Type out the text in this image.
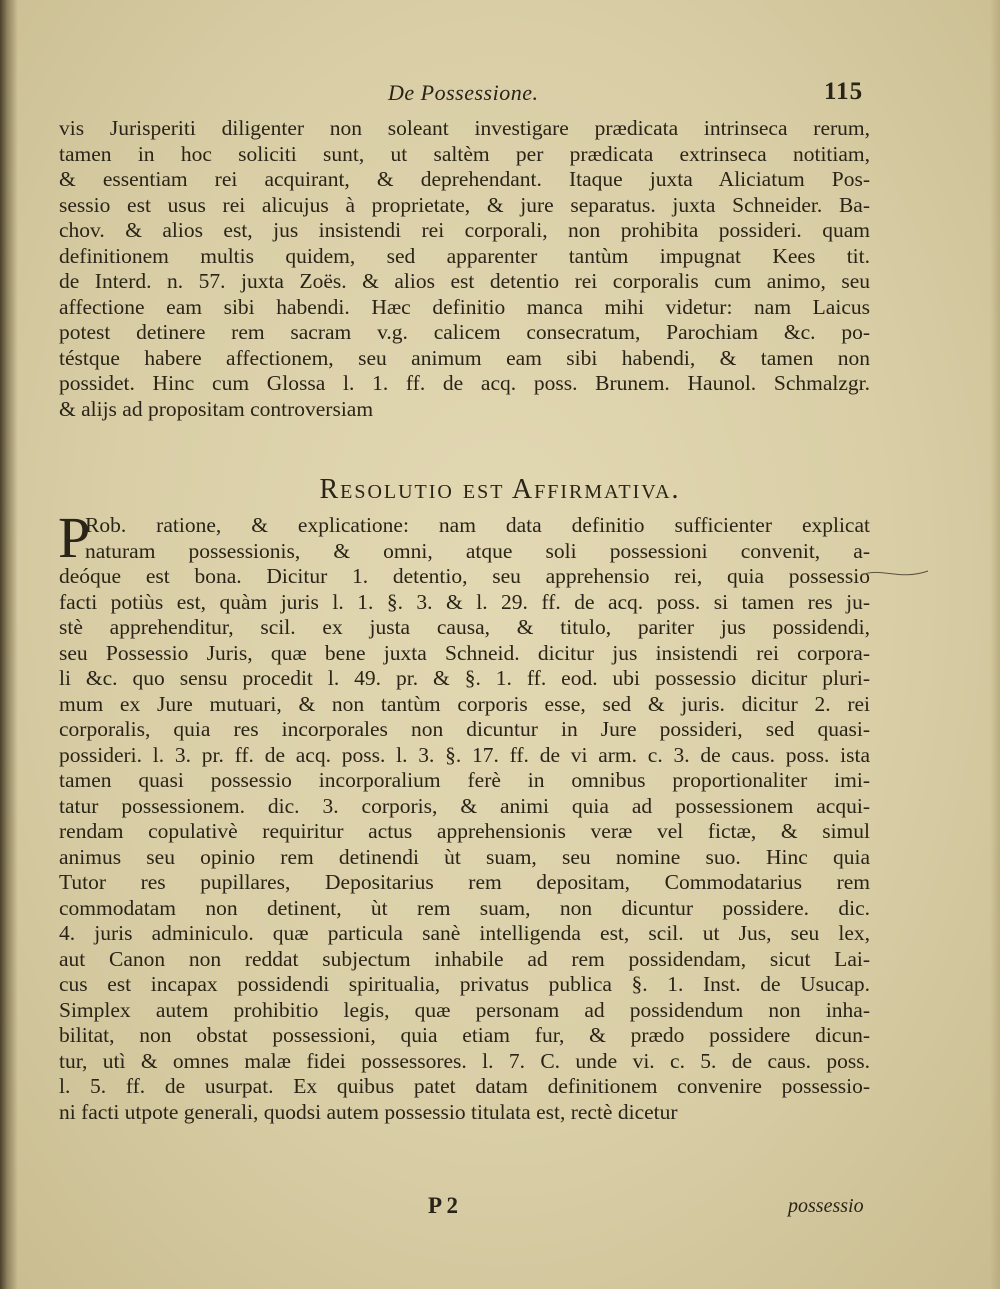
De Possessione.	115
vis Jurisperiti diligenter non soleant investigare prædicata intrinseca rerum,
tamen in hoc soliciti sunt, ut saltèm per prædicata extrinseca notitiam,
& essentiam rei acquirant, & deprehendant. Itaque juxta Aliciatum Pos-
sessio est usus rei alicujus à proprietate, & jure separatus. juxta Schneider. Ba-
chov. & alios est, jus insistendi rei corporali, non prohibita possideri. quam
definitionem multis quidem, sed apparenter tantùm impugnat Kees tit.
de Interd. n. 57. juxta Zoës. & alios est detentio rei corporalis cum animo, seu
affectione eam sibi habendi. Hæc definitio manca mihi videtur: nam Laicus
potest detinere rem sacram v.g. calicem consecratum, Parochiam &c. po-
téstque habere affectionem, seu animum eam sibi habendi, & tamen non
possidet. Hinc cum Glossa l. 1. ff. de acq. poss. Brunem. Haunol. Schmalzgr.
& alijs ad propositam controversiam
Resolutio est Affirmativa.
P
Rob. ratione, & explicatione: nam data definitio sufficienter explicat
naturam possessionis, & omni, atque soli possessioni convenit, a-
deóque est bona. Dicitur 1. detentio, seu apprehensio rei, quia possessio
facti potiùs est, quàm juris l. 1. §. 3. & l. 29. ff. de acq. poss. si tamen res ju-
stè apprehenditur, scil. ex justa causa, & titulo, pariter jus possidendi,
seu Possessio Juris, quæ bene juxta Schneid. dicitur jus insistendi rei corpora-
li &c. quo sensu procedit l. 49. pr. & §. 1. ff. eod. ubi possessio dicitur pluri-
mum ex Jure mutuari, & non tantùm corporis esse, sed & juris. dicitur 2. rei
corporalis, quia res incorporales non dicuntur in Jure possideri, sed quasi-
possideri. l. 3. pr. ff. de acq. poss. l. 3. §. 17. ff. de vi arm. c. 3. de caus. poss. ista
tamen quasi possessio incorporalium ferè in omnibus proportionaliter imi-
tatur possessionem. dic. 3. corporis, & animi quia ad possessionem acqui-
rendam copulativè requiritur actus apprehensionis veræ vel fictæ, & simul
animus seu opinio rem detinendi ùt suam, seu nomine suo. Hinc quia
Tutor res pupillares, Depositarius rem depositam, Commodatarius rem
commodatam non detinent, ùt rem suam, non dicuntur possidere. dic.
4. juris adminiculo. quæ particula sanè intelligenda est, scil. ut Jus, seu lex,
aut Canon non reddat subjectum inhabile ad rem possidendam, sicut Lai-
cus est incapax possidendi spiritualia, privatus publica §. 1. Inst. de Usucap.
Simplex autem prohibitio legis, quæ personam ad possidendum non inha-
bilitat, non obstat possessioni, quia etiam fur, & prædo possidere dicun-
tur, utì & omnes malæ fidei possessores. l. 7. C. unde vi. c. 5. de caus. poss.
l. 5. ff. de usurpat. Ex quibus patet datam definitionem convenire possessio-
ni facti utpote generali, quodsi autem possessio titulata est, rectè dicetur
P 2	possessio
